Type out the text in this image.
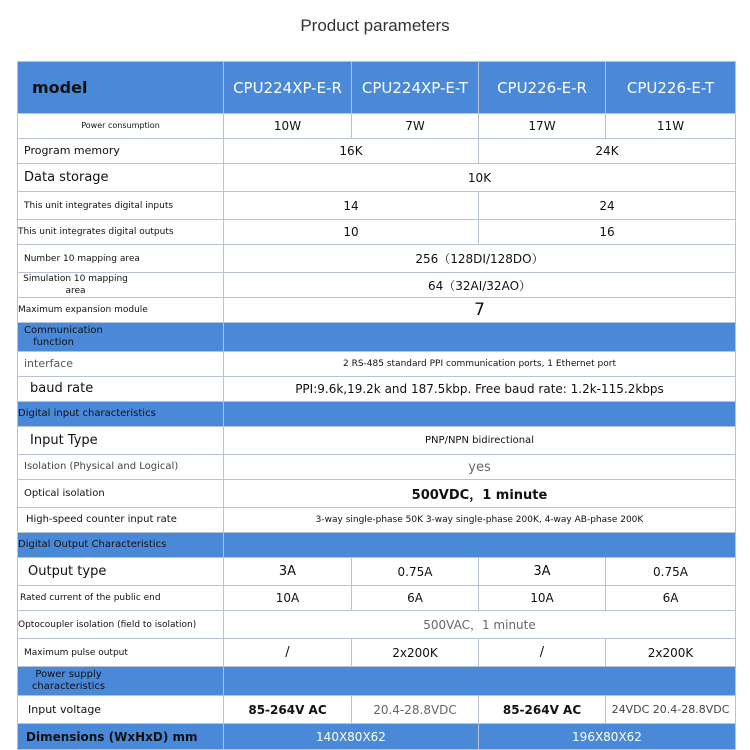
Product parameters
model	CPU224XP-E-R	CPU224XP-E-T	CPU226-E-R	CPU226-E-T
Power consumption	10W	7W	17W	11W
Program memory	16K		24K	
Data storage	10K			
This unit integrates digital inputs	14		24	
This unit integrates digital outputs	10		16	
Number 10 mapping area	256（128DI/128DO）			
Simulation 10 mapping area	64（32AI/32AO）			
Maximum expansion module	7			
Communication function				
interface	2 RS-485 standard PPI communication ports, 1 Ethernet port			
baud rate	PPI:9.6k,19.2k and 187.5kbp. Free baud rate: 1.2k-115.2kbps			
Digital input characteristics				
Input Type	PNP/NPN bidirectional			
Isolation (Physical and Logical)	yes			
Optical isolation	500VDC，1 minute			
High-speed counter input rate	3-way single-phase 50K 3-way single-phase 200K, 4-way AB-phase 200K			
Digital Output Characteristics				
Output type	3A	0.75A	3A	0.75A
Rated current of the public end	10A	6A	10A	6A
Optocoupler isolation (field to isolation)	500VAC，1 minute			
Maximum pulse output	/	2x200K	/	2x200K
Power supply characteristics				
Input voltage	85-264V AC	20.4-28.8VDC	85-264V AC	24VDC 20.4-28.8VDC
Dimensions (WxHxD) mm	140X80X62		196X80X62	
